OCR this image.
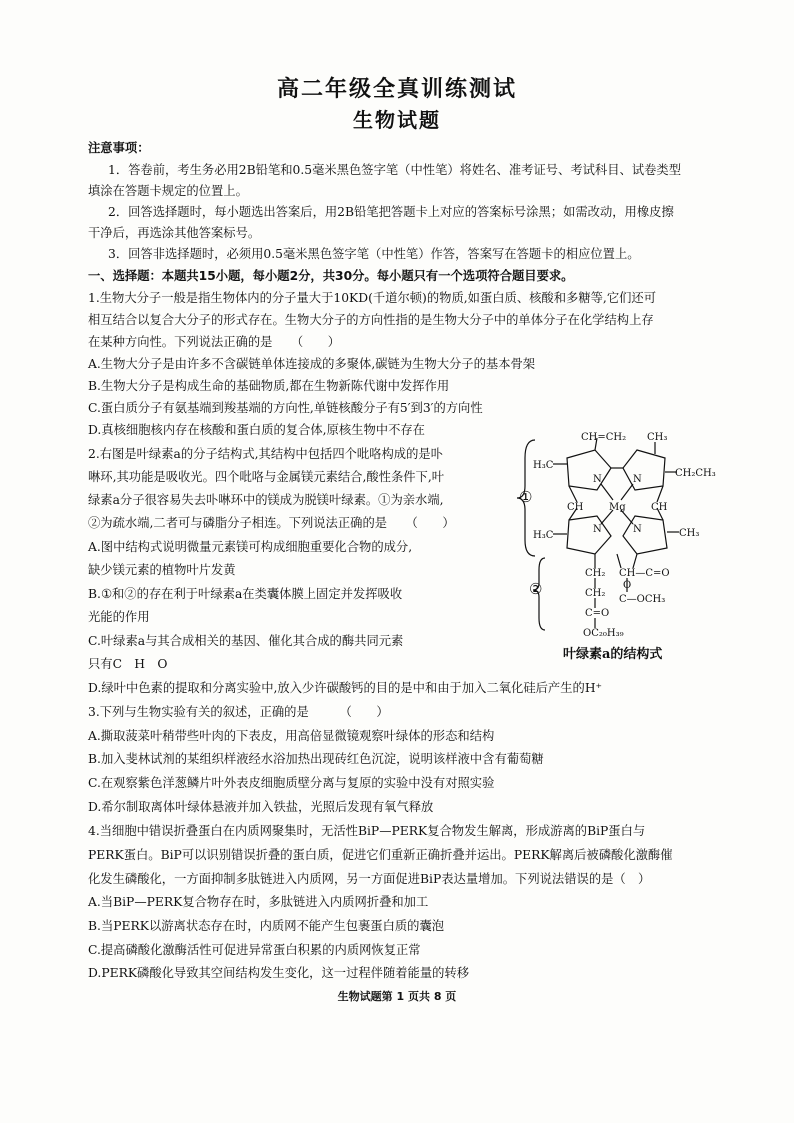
高二年级全真训练测试
生物试题
注意事项：
1．答卷前，考生务必用2B铅笔和0.5毫米黑色签字笔（中性笔）将姓名、准考证号、考试科目、试卷类型
填涂在答题卡规定的位置上。
2．回答选择题时，每小题选出答案后，用2B铅笔把答题卡上对应的答案标号涂黑；如需改动，用橡皮擦
干净后，再选涂其他答案标号。
3．回答非选择题时，必须用0.5毫米黑色签字笔（中性笔）作答，答案写在答题卡的相应位置上。
一、选择题：本题共15小题，每小题2分，共30分。每小题只有一个选项符合题目要求。
1.生物大分子一般是指生物体内的分子量大于10KD(千道尔顿)的物质,如蛋白质、核酸和多糖等,它们还可
相互结合以复合大分子的形式存在。生物大分子的方向性指的是生物大分子中的单体分子在化学结构上存
在某种方向性。下列说法正确的是　　（　　）
A.生物大分子是由许多不含碳链单体连接成的多聚体,碳链为生物大分子的基本骨架
B.生物大分子是构成生命的基础物质,都在生物新陈代谢中发挥作用
C.蛋白质分子有氨基端到羧基端的方向性,单链核酸分子有5′到3′的方向性
D.真核细胞核内存在核酸和蛋白质的复合体,原核生物中不存在
2.右图是叶绿素a的分子结构式,其结构中包括四个吡咯构成的是卟
啉环,其功能是吸收光。四个吡咯与金属镁元素结合,酸性条件下,叶
绿素a分子很容易失去卟啉环中的镁成为脱镁叶绿素。①为亲水端,
②为疏水端,二者可与磷脂分子相连。下列说法正确的是　　（　　）
A.图中结构式说明微量元素镁可构成细胞重要化合物的成分,
缺少镁元素的植物叶片发黄
B.①和②的存在利于叶绿素a在类囊体膜上固定并发挥吸收
光能的作用
C.叶绿素a与其合成相关的基因、催化其合成的酶共同元素
只有C　H　O
D.绿叶中色素的提取和分离实验中,放入少许碳酸钙的目的是中和由于加入二氧化硅后产生的H⁺
3.下列与生物实验有关的叙述，正确的是　　　（　　）
A.撕取菠菜叶稍带些叶肉的下表皮，用高倍显微镜观察叶绿体的形态和结构
B.加入斐林试剂的某组织样液经水浴加热出现砖红色沉淀，说明该样液中含有葡萄糖
C.在观察紫色洋葱鳞片叶外表皮细胞质壁分离与复原的实验中没有对照实验
D.希尔制取离体叶绿体悬液并加入铁盐，光照后发现有氧气释放
4.当细胞中错误折叠蛋白在内质网聚集时，无活性BiP—PERK复合物发生解离，形成游离的BiP蛋白与
PERK蛋白。BiP可以识别错误折叠的蛋白质，促进它们重新正确折叠并运出。PERK解离后被磷酸化激酶催
化发生磷酸化，一方面抑制多肽链进入内质网，另一方面促进BiP表达量增加。下列说法错误的是（　）
A.当BiP—PERK复合物存在时，多肽链进入内质网折叠和加工
B.当PERK以游离状态存在时，内质网不能产生包裹蛋白质的囊泡
C.提高磷酸化激酶活性可促进异常蛋白积累的内质网恢复正常
D.PERK磷酸化导致其空间结构发生变化，这一过程伴随着能量的转移
①
②
CH=CH₂ CH₃
H₃C
CH₂CH₃
N	N
N	N
Mg
CH	CH
H₃C	CH₃
CH₂
CH₂
CH—C=O
C=O
C—OCH₃
O
OC₂₀H₃₉
叶绿素a的结构式
生物试题第 1 页共 8 页
